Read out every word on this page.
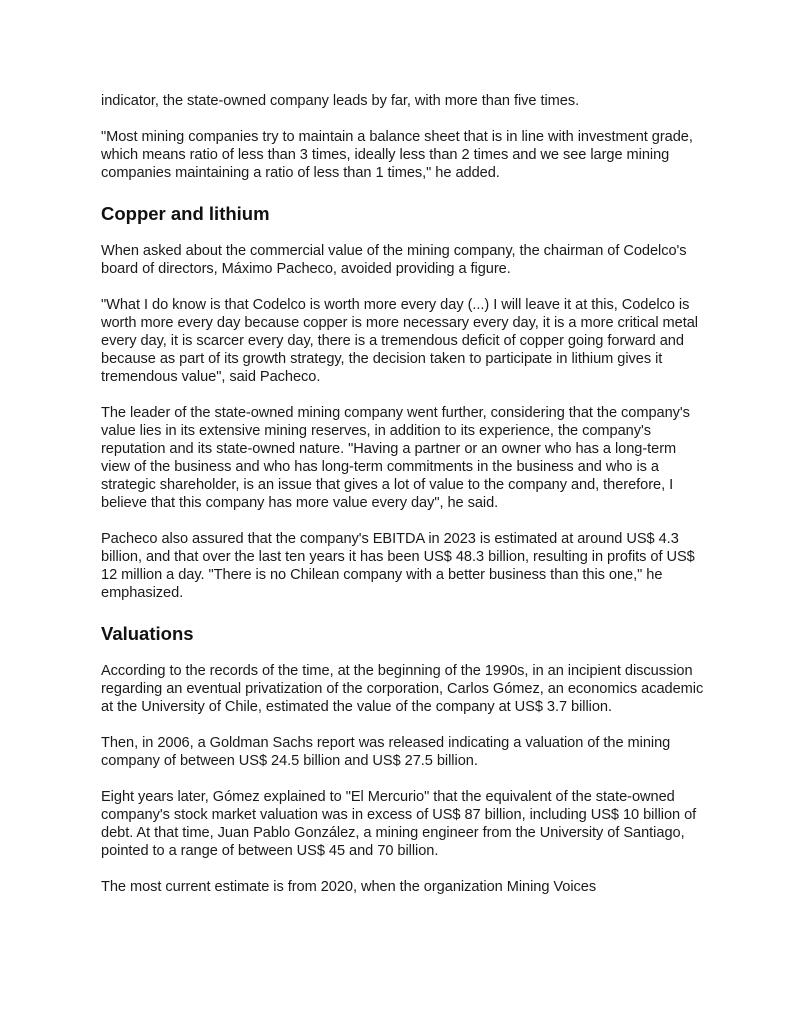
indicator, the state-owned company leads by far, with more than five times.

"Most mining companies try to maintain a balance sheet that is in line with investment grade, which means ratio of less than 3 times, ideally less than 2 times and we see large mining companies maintaining a ratio of less than 1 times," he added.

Copper and lithium

When asked about the commercial value of the mining company, the chairman of Codelco's board of directors, Máximo Pacheco, avoided providing a figure.

"What I do know is that Codelco is worth more every day (...) I will leave it at this, Codelco is worth more every day because copper is more necessary every day, it is a more critical metal every day, it is scarcer every day, there is a tremendous deficit of copper going forward and because as part of its growth strategy, the decision taken to participate in lithium gives it tremendous value", said Pacheco.

The leader of the state-owned mining company went further, considering that the company's value lies in its extensive mining reserves, in addition to its experience, the company's reputation and its state-owned nature. "Having a partner or an owner who has a long-term view of the business and who has long-term commitments in the business and who is a strategic shareholder, is an issue that gives a lot of value to the company and, therefore, I believe that this company has more value every day", he said.

Pacheco also assured that the company's EBITDA in 2023 is estimated at around US$ 4.3 billion, and that over the last ten years it has been US$ 48.3 billion, resulting in profits of US$ 12 million a day. "There is no Chilean company with a better business than this one," he emphasized.

Valuations

According to the records of the time, at the beginning of the 1990s, in an incipient discussion regarding an eventual privatization of the corporation, Carlos Gómez, an economics academic at the University of Chile, estimated the value of the company at US$ 3.7 billion.

Then, in 2006, a Goldman Sachs report was released indicating a valuation of the mining company of between US$ 24.5 billion and US$ 27.5 billion.

Eight years later, Gómez explained to "El Mercurio" that the equivalent of the state-owned company's stock market valuation was in excess of US$ 87 billion, including US$ 10 billion of debt. At that time, Juan Pablo González, a mining engineer from the University of Santiago, pointed to a range of between US$ 45 and 70 billion.

The most current estimate is from 2020, when the organization Mining Voices
